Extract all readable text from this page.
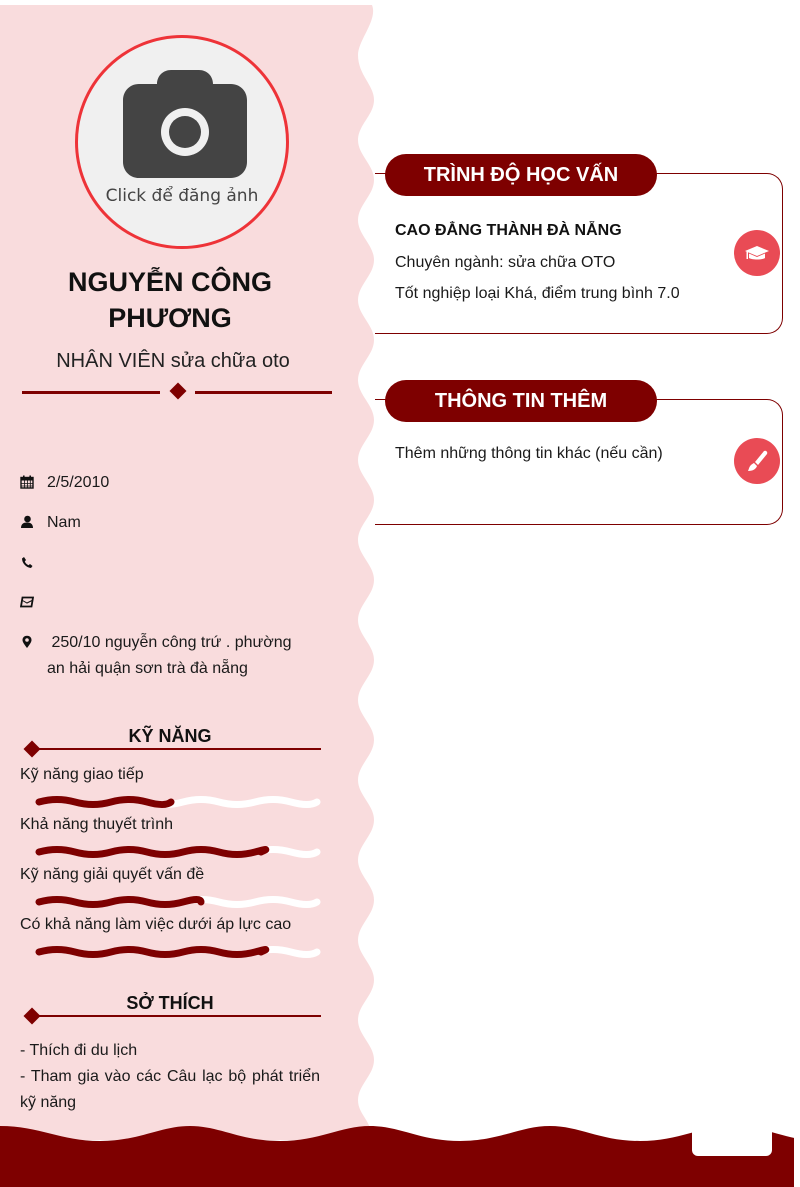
Click để đăng ảnh
NGUYỄN CÔNG
PHƯƠNG
NHÂN VIÊN sửa chữa oto
2/5/2010
Nam
250/10 nguyễn công trứ . phường
an hải quận sơn trà đà nẵng
KỸ NĂNG
Kỹ năng giao tiếp
Khả năng thuyết trình
Kỹ năng giải quyết vấn đề
Có khả năng làm việc dưới áp lực cao
SỞ THÍCH
- Thích đi du lịch
- Tham gia vào các Câu lạc bộ phát triển kỹ năng
TRÌNH ĐỘ HỌC VẤN
CAO ĐẲNG THÀNH ĐÀ NẴNG
Chuyên ngành: sửa chữa OTO
Tốt nghiệp loại Khá, điểm trung bình 7.0
THÔNG TIN THÊM
Thêm những thông tin khác (nếu cần)
